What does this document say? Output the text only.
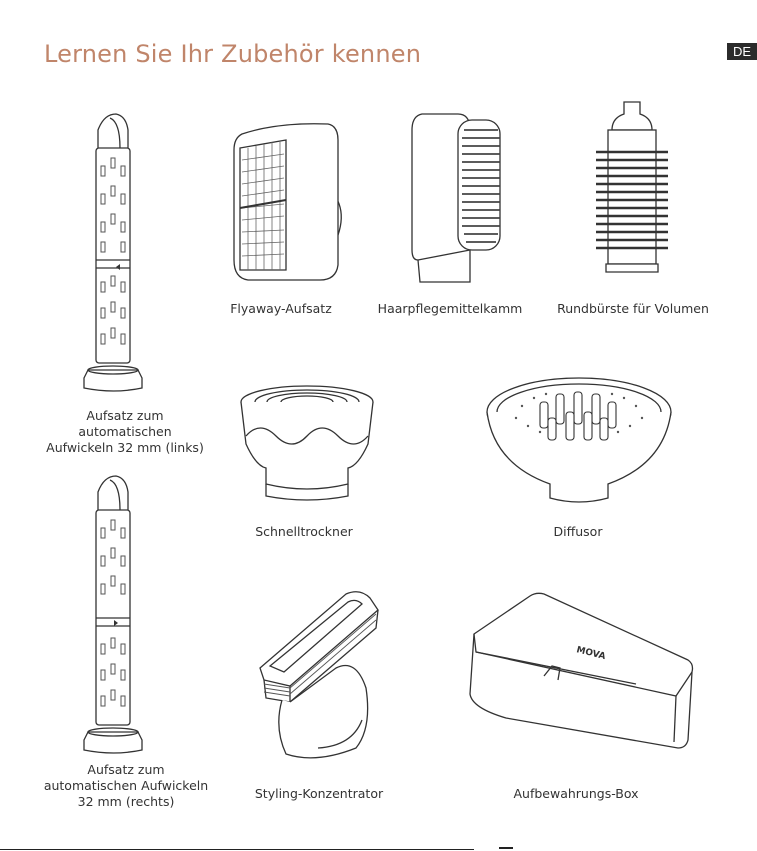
Lernen Sie Ihr Zubehör kennen	DE
Aufsatz zum
automatischen
Aufwickeln 32 mm (links)
Flyaway-Aufsatz	Haarpflegemittelkamm	Rundbürste für Volumen
Schnelltrockner	Diffusor
Aufsatz zum
automatischen Aufwickeln
32 mm (rechts)
Styling-Konzentrator
MOVA
Aufbewahrungs-Box
